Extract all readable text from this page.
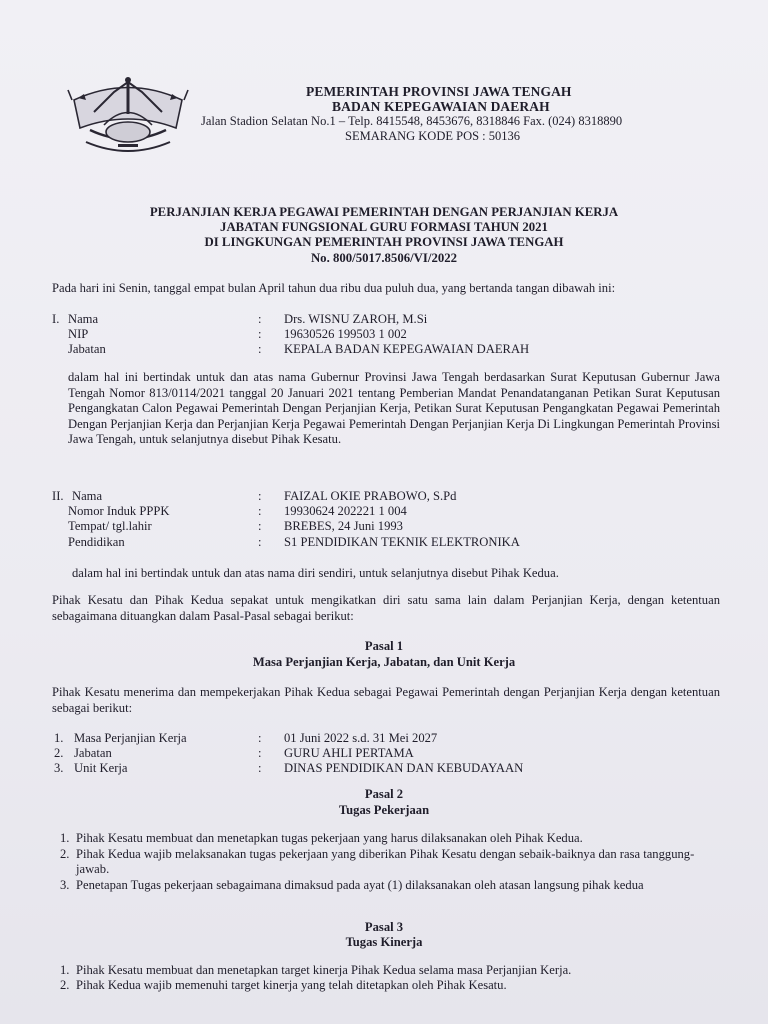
PEMERINTAH PROVINSI JAWA TENGAH
BADAN KEPEGAWAIAN DAERAH
Jalan Stadion Selatan No.1 – Telp. 8415548, 8453676, 8318846 Fax. (024) 8318890
SEMARANG KODE POS : 50136
PERJANJIAN KERJA PEGAWAI PEMERINTAH DENGAN PERJANJIAN KERJA
JABATAN FUNGSIONAL GURU FORMASI TAHUN 2021
DI LINGKUNGAN PEMERINTAH PROVINSI JAWA TENGAH
No. 800/5017.8506/VI/2022
Pada hari ini Senin, tanggal empat bulan April tahun dua ribu dua puluh dua, yang bertanda tangan dibawah ini:
I. Nama	: Drs. WISNU ZAROH, M.Si
NIP	: 19630526 199503 1 002
Jabatan	: KEPALA BADAN KEPEGAWAIAN DAERAH
dalam hal ini bertindak untuk dan atas nama Gubernur Provinsi Jawa Tengah berdasarkan Surat Keputusan Gubernur Jawa Tengah Nomor 813/0114/2021 tanggal 20 Januari 2021 tentang Pemberian Mandat Penandatanganan Petikan Surat Keputusan Pengangkatan Calon Pegawai Pemerintah Dengan Perjanjian Kerja, Petikan Surat Keputusan Pengangkatan Pegawai Pemerintah Dengan Perjanjian Kerja dan Perjanjian Kerja Pegawai Pemerintah Dengan Perjanjian Kerja Di Lingkungan Pemerintah Provinsi Jawa Tengah, untuk selanjutnya disebut Pihak Kesatu.
II. Nama	: FAIZAL OKIE PRABOWO, S.Pd
Nomor Induk PPPK	: 19930624 202221 1 004
Tempat/ tgl.lahir	: BREBES, 24 Juni 1993
Pendidikan	: S1 PENDIDIKAN TEKNIK ELEKTRONIKA
dalam hal ini bertindak untuk dan atas nama diri sendiri, untuk selanjutnya disebut Pihak Kedua.
Pihak Kesatu dan Pihak Kedua sepakat untuk mengikatkan diri satu sama lain dalam Perjanjian Kerja, dengan ketentuan sebagaimana dituangkan dalam Pasal-Pasal sebagai berikut:
Pasal 1
Masa Perjanjian Kerja, Jabatan, dan Unit Kerja
Pihak Kesatu menerima dan mempekerjakan Pihak Kedua sebagai Pegawai Pemerintah dengan Perjanjian Kerja dengan ketentuan sebagai berikut:
1. Masa Perjanjian Kerja	: 01 Juni 2022 s.d. 31 Mei 2027
2. Jabatan	: GURU AHLI PERTAMA
3. Unit Kerja	: DINAS PENDIDIKAN DAN KEBUDAYAAN
Pasal 2
Tugas Pekerjaan
1. Pihak Kesatu membuat dan menetapkan tugas pekerjaan yang harus dilaksanakan oleh Pihak Kedua.
2. Pihak Kedua wajib melaksanakan tugas pekerjaan yang diberikan Pihak Kesatu dengan sebaik-baiknya dan rasa tanggung-jawab.
3. Penetapan Tugas pekerjaan sebagaimana dimaksud pada ayat (1) dilaksanakan oleh atasan langsung pihak kedua
Pasal 3
Tugas Kinerja
1. Pihak Kesatu membuat dan menetapkan target kinerja Pihak Kedua selama masa Perjanjian Kerja.
2. Pihak Kedua wajib memenuhi target kinerja yang telah ditetapkan oleh Pihak Kesatu.
